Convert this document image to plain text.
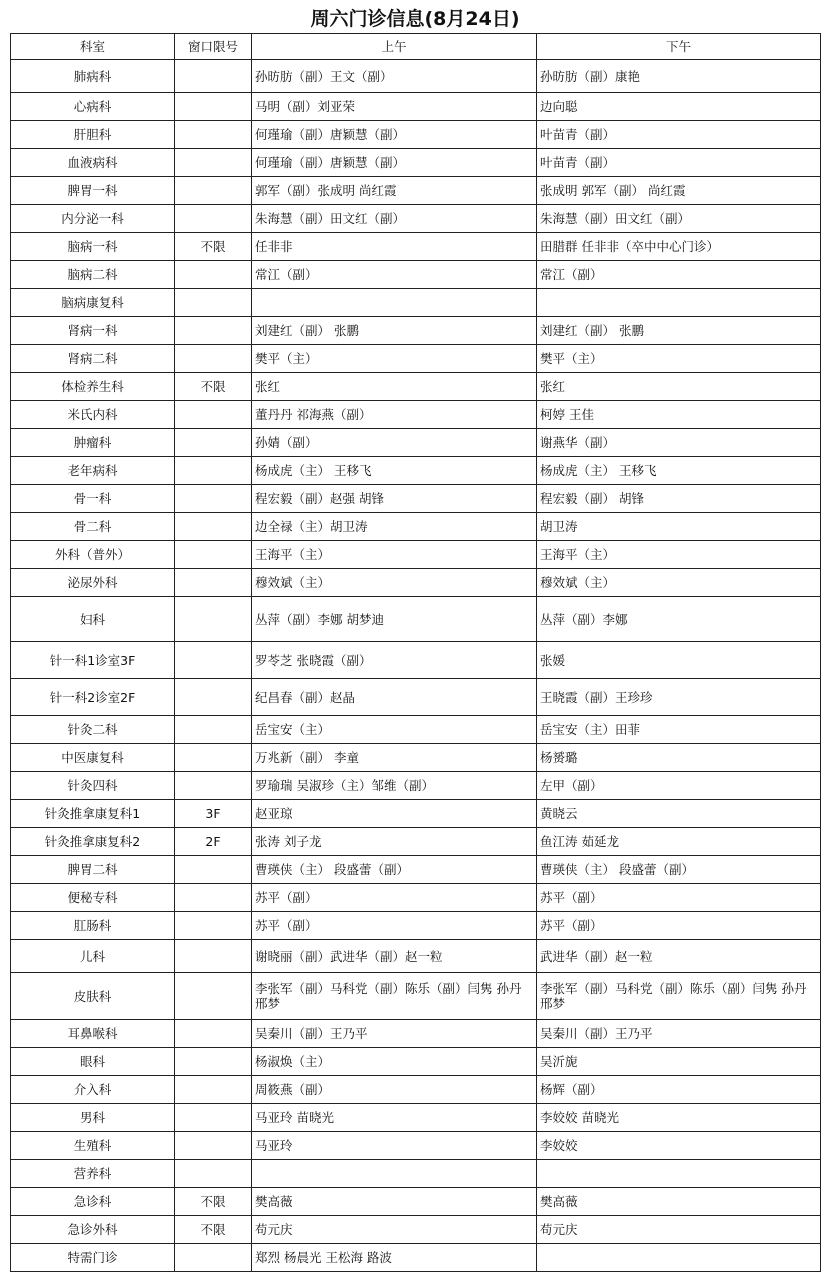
周六门诊信息(8月24日)
科室	窗口限号	上午	下午
肺病科		孙昉肪（副）王文（副）	孙昉肪（副）康艳
心病科		马明（副）刘亚荣	边向聪
肝胆科		何瑾瑜（副）唐颖慧（副）	叶苗青（副）
血液病科		何瑾瑜（副）唐颖慧（副）	叶苗青（副）
脾胃一科		郭军（副）张成明 尚红霞	张成明 郭军（副） 尚红霞
内分泌一科		朱海慧（副）田文红（副）	朱海慧（副）田文红（副）
脑病一科	不限	任非非	田腊群 任非非（卒中中心门诊）
脑病二科		常江（副）	常江（副）
脑病康复科			
肾病一科		刘建红（副） 张鹏	刘建红（副） 张鹏
肾病二科		樊平（主）	樊平（主）
体检养生科	不限	张红	张红
米氏内科		董丹丹 祁海燕（副）	柯婷 王佳
肿瘤科		孙婧（副）	谢燕华（副）
老年病科		杨成虎（主） 王移飞	杨成虎（主） 王移飞
骨一科		程宏毅（副）赵强 胡锋	程宏毅（副） 胡锋
骨二科		边全禄（主）胡卫涛	胡卫涛
外科（普外）		王海平（主）	王海平（主）
泌尿外科		穆效斌（主）	穆效斌（主）
妇科		丛萍（副）李娜 胡梦迪	丛萍（副）李娜
针一科1诊室3F		罗苓芝 张晓霞（副）	张媛
针一科2诊室2F		纪昌春（副）赵晶	王晓霞（副）王珍珍
针灸二科		岳宝安（主）	岳宝安（主）田菲
中医康复科		万兆新（副） 李童	杨赟璐
针灸四科		罗瑜瑞 吴淑珍（主）邹维（副）	左甲（副）
针灸推拿康复科1	3F	赵亚琼	黄晓云
针灸推拿康复科2	2F	张涛 刘子龙	鱼江涛 茹延龙
脾胃二科		曹瑛侠（主） 段盛蕾（副）	曹瑛侠（主） 段盛蕾（副）
便秘专科		苏平（副）	苏平（副）
肛肠科		苏平（副）	苏平（副）
儿科		谢晓丽（副）武进华（副）赵一粒	武进华（副）赵一粒
皮肤科		李张军（副）马科党（副）陈乐（副）闫隽 孙丹 邢梦	李张军（副）马科党（副）陈乐（副）闫隽 孙丹 邢梦
耳鼻喉科		吴秦川（副）王乃平	吴秦川（副）王乃平
眼科		杨淑焕（主）	吴沂旎
介入科		周筱燕（副）	杨辉（副）
男科		马亚玲 苗晓光	李姣姣 苗晓光
生殖科		马亚玲	李姣姣
营养科			
急诊科	不限	樊高薇	樊高薇
急诊外科	不限	苟元庆	苟元庆
特需门诊		郑烈 杨晨光 王松海 路波	
